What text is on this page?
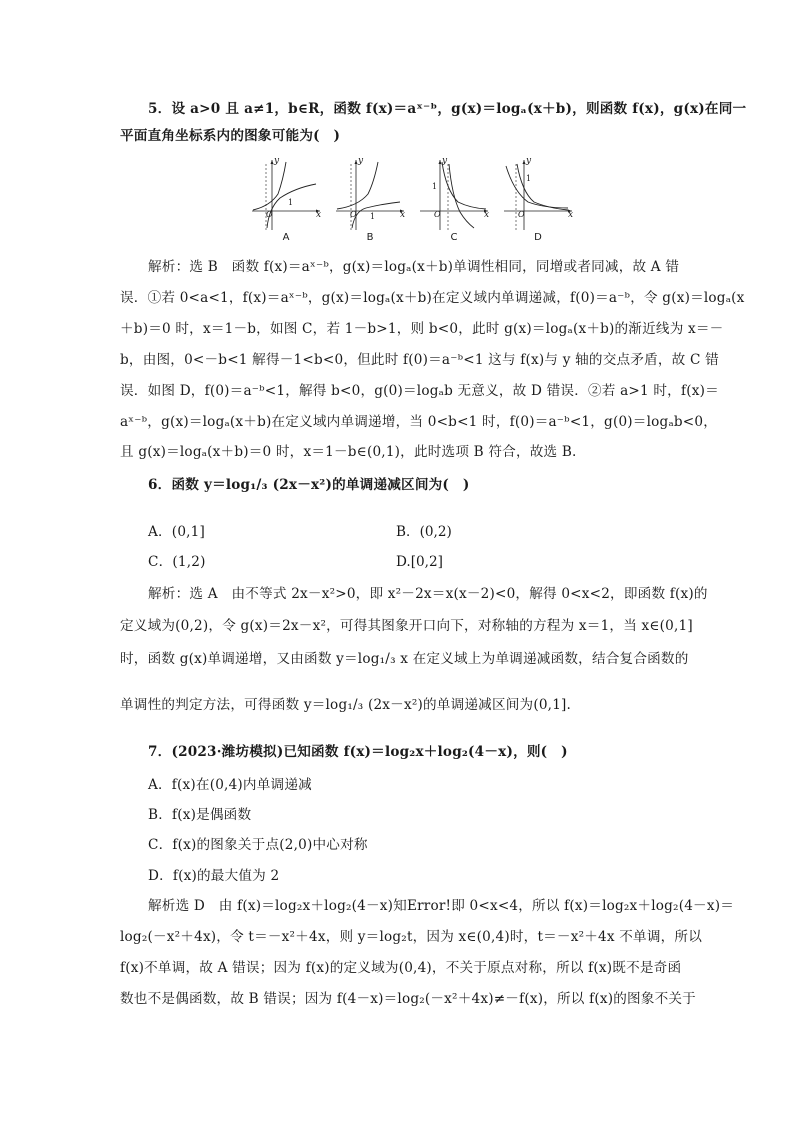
5．设 a>0 且 a≠1，b∈R，函数 f(x)＝aˣ⁻ᵇ，g(x)＝logₐ(x＋b)，则函数 f(x)，g(x)在同一
平面直角坐标系内的图象可能为(　)
y
x
O
1
A
y
x
O 1
B
y
x
O
1
C
y
x
O
1
D
解析：选 B　函数 f(x)＝aˣ⁻ᵇ，g(x)＝logₐ(x＋b)单调性相同，同增或者同减，故 A 错
误．①若 0<a<1，f(x)＝aˣ⁻ᵇ，g(x)＝logₐ(x＋b)在定义域内单调递减，f(0)＝a⁻ᵇ，令 g(x)＝logₐ(x
＋b)＝0 时，x＝1－b，如图 C，若 1－b>1，则 b<0，此时 g(x)＝logₐ(x＋b)的渐近线为 x＝－
b，由图，0<－b<1 解得－1<b<0，但此时 f(0)＝a⁻ᵇ<1 这与 f(x)与 y 轴的交点矛盾，故 C 错
误．如图 D，f(0)＝a⁻ᵇ<1，解得 b<0，g(0)＝logₐb 无意义，故 D 错误．②若 a>1 时，f(x)＝
aˣ⁻ᵇ，g(x)＝logₐ(x＋b)在定义域内单调递增，当 0<b<1 时，f(0)＝a⁻ᵇ<1，g(0)＝logₐb<0，
且 g(x)＝logₐ(x＋b)＝0 时，x＝1－b∈(0,1)，此时选项 B 符合，故选 B.
6．函数 y＝log₁/₃ (2x－x²)的单调递减区间为(　)
A．(0,1]	B．(0,2)
C．(1,2)	D.[0,2]
解析：选 A　由不等式 2x－x²>0，即 x²－2x＝x(x－2)<0，解得 0<x<2，即函数 f(x)的
定义域为(0,2)，令 g(x)＝2x－x²，可得其图象开口向下，对称轴的方程为 x＝1，当 x∈(0,1]
时，函数 g(x)单调递增，又由函数 y＝log₁/₃ x 在定义域上为单调递减函数，结合复合函数的
单调性的判定方法，可得函数 y＝log₁/₃ (2x－x²)的单调递减区间为(0,1].
7．(2023·潍坊模拟)已知函数 f(x)＝log₂x＋log₂(4－x)，则(　)
A．f(x)在(0,4)内单调递减
B．f(x)是偶函数
C．f(x)的图象关于点(2,0)中心对称
D．f(x)的最大值为 2
解析选 D　由 f(x)＝log₂x＋log₂(4－x)知Error!即 0<x<4，所以 f(x)＝log₂x＋log₂(4－x)＝
log₂(－x²＋4x)，令 t＝－x²＋4x，则 y＝log₂t，因为 x∈(0,4)时，t＝－x²＋4x 不单调，所以
f(x)不单调，故 A 错误；因为 f(x)的定义域为(0,4)，不关于原点对称，所以 f(x)既不是奇函
数也不是偶函数，故 B 错误；因为 f(4－x)＝log₂(－x²＋4x)≠－f(x)，所以 f(x)的图象不关于
